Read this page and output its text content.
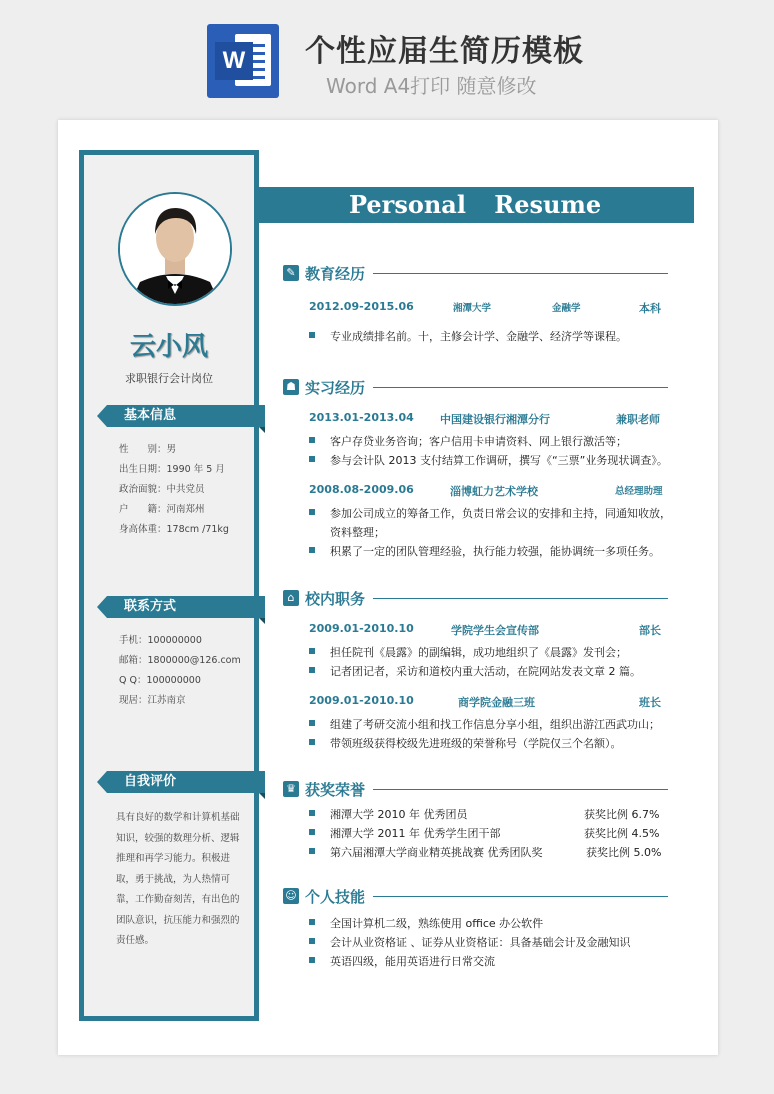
W 个性应届生简历模板
Word A4打印 随意修改
云小风
求职银行会计岗位
基本信息
性　　别：男
出生日期：1990 年 5 月
政治面貌：中共党员
户　　籍：河南郑州
身高体重：178cm /71kg
联系方式
手机：100000000
邮箱：1800000@126.com
Q Q：100000000
现居：江苏南京
自我评价
具有良好的数学和计算机基础知识，较强的数理分析、逻辑推理和再学习能力。积极进取，勇于挑战，为人热情可靠，工作勤奋刻苦，有出色的团队意识，抗压能力和强烈的责任感。
Personal Resume
✎ 教育经历
2012.09-2015.06	湘潭大学	金融学	本科
专业成绩排名前。十，主修会计学、金融学、经济学等课程。
☗ 实习经历
2013.01-2013.04 中国建设银行湘潭分行	兼职老师
客户存贷业务咨询；客户信用卡申请资料、网上银行激活等；
参与会计队 2013 支付结算工作调研，撰写《“三票”业务现状调查》。
2008.08-2009.06	淄博虹力艺术学校	总经理助理
参加公司成立的筹备工作，负责日常会议的安排和主持，同通知收放，
资料整理；
积累了一定的团队管理经验，执行能力较强，能协调统一多项任务。
⌂ 校内职务
2009.01-2010.10	学院学生会宣传部	部长
担任院刊《晨露》的副编辑，成功地组织了《晨露》发刊会；
记者团记者，采访和道校内重大活动，在院网站发表文章 2 篇。
2009.01-2010.10	商学院金融三班	班长
组建了考研交流小组和找工作信息分享小组，组织出游江西武功山；
带领班级获得校级先进班级的荣誉称号（学院仅三个名额）。
♛ 获奖荣誉
湘潭大学 2010 年 优秀团员	获奖比例 6.7%
湘潭大学 2011 年 优秀学生团干部	获奖比例 4.5%
第六届湘潭大学商业精英挑战赛 优秀团队奖	获奖比例 5.0%
☺ 个人技能
全国计算机二级，熟练使用 office 办公软件
会计从业资格证 、证券从业资格证：具备基础会计及金融知识
英语四级，能用英语进行日常交流
